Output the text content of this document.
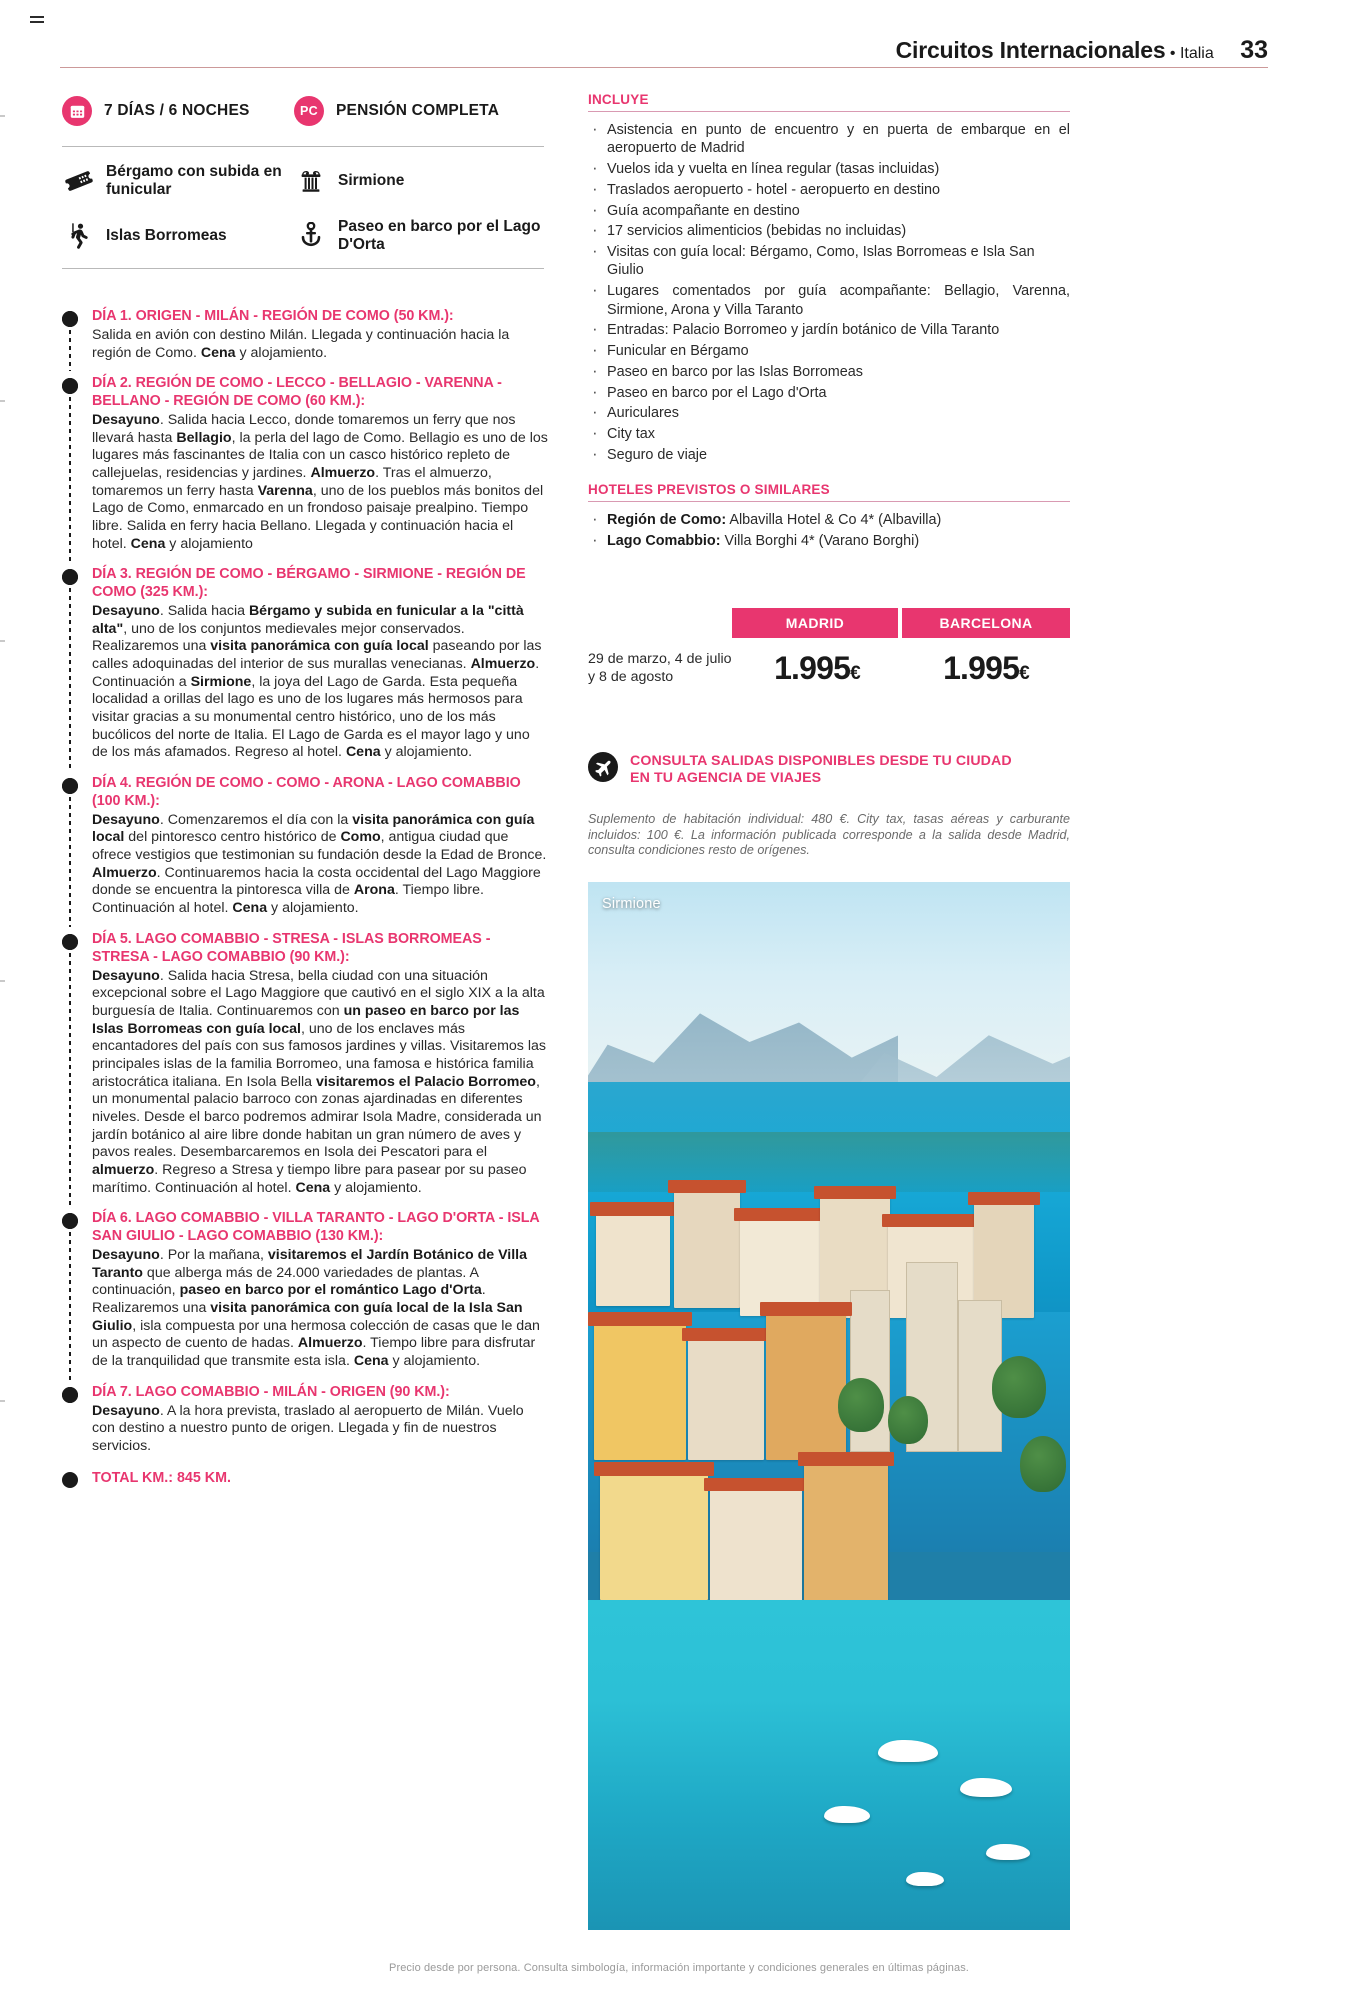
Circuitos Internacionales • Italia 33
7 DÍAS / 6 NOCHES	PC PENSIÓN COMPLETA
Bérgamo con subida en funicular
Sirmione
Islas Borromeas
Paseo en barco por el Lago D'Orta
DÍA 1. ORIGEN - MILÁN - REGIÓN DE COMO (50 KM.):
Salida en avión con destino Milán. Llegada y continuación hacia la región de Como. Cena y alojamiento.
DÍA 2. REGIÓN DE COMO - LECCO - BELLAGIO - VARENNA - BELLANO - REGIÓN DE COMO (60 KM.):
Desayuno. Salida hacia Lecco, donde tomaremos un ferry que nos llevará hasta Bellagio, la perla del lago de Como. Bellagio es uno de los lugares más fascinantes de Italia con un casco histórico repleto de callejuelas, residencias y jardines. Almuerzo. Tras el almuerzo, tomaremos un ferry hasta Varenna, uno de los pueblos más bonitos del Lago de Como, enmarcado en un frondoso paisaje prealpino. Tiempo libre. Salida en ferry hacia Bellano. Llegada y continuación hacia el hotel. Cena y alojamiento
DÍA 3. REGIÓN DE COMO - BÉRGAMO - SIRMIONE - REGIÓN DE COMO (325 KM.):
Desayuno. Salida hacia Bérgamo y subida en funicular a la "città alta", uno de los conjuntos medievales mejor conservados. Realizaremos una visita panorámica con guía local paseando por las calles adoquinadas del interior de sus murallas venecianas. Almuerzo. Continuación a Sirmione, la joya del Lago de Garda. Esta pequeña localidad a orillas del lago es uno de los lugares más hermosos para visitar gracias a su monumental centro histórico, uno de los más bucólicos del norte de Italia. El Lago de Garda es el mayor lago y uno de los más afamados. Regreso al hotel. Cena y alojamiento.
DÍA 4. REGIÓN DE COMO - COMO - ARONA - LAGO COMABBIO (100 KM.):
Desayuno. Comenzaremos el día con la visita panorámica con guía local del pintoresco centro histórico de Como, antigua ciudad que ofrece vestigios que testimonian su fundación desde la Edad de Bronce. Almuerzo. Continuaremos hacia la costa occidental del Lago Maggiore donde se encuentra la pintoresca villa de Arona. Tiempo libre. Continuación al hotel. Cena y alojamiento.
DÍA 5. LAGO COMABBIO - STRESA - ISLAS BORROMEAS - STRESA - LAGO COMABBIO (90 KM.):
Desayuno. Salida hacia Stresa, bella ciudad con una situación excepcional sobre el Lago Maggiore que cautivó en el siglo XIX a la alta burguesía de Italia. Continuaremos con un paseo en barco por las Islas Borromeas con guía local, uno de los enclaves más encantadores del país con sus famosos jardines y villas. Visitaremos las principales islas de la familia Borromeo, una famosa e histórica familia aristocrática italiana. En Isola Bella visitaremos el Palacio Borromeo, un monumental palacio barroco con zonas ajardinadas en diferentes niveles. Desde el barco podremos admirar Isola Madre, considerada un jardín botánico al aire libre donde habitan un gran número de aves y pavos reales. Desembarcaremos en Isola dei Pescatori para el almuerzo. Regreso a Stresa y tiempo libre para pasear por su paseo marítimo. Continuación al hotel. Cena y alojamiento.
DÍA 6. LAGO COMABBIO - VILLA TARANTO - LAGO D'ORTA - ISLA SAN GIULIO - LAGO COMABBIO (130 KM.):
Desayuno. Por la mañana, visitaremos el Jardín Botánico de Villa Taranto que alberga más de 24.000 variedades de plantas. A continuación, paseo en barco por el romántico Lago d'Orta. Realizaremos una visita panorámica con guía local de la Isla San Giulio, isla compuesta por una hermosa colección de casas que le dan un aspecto de cuento de hadas. Almuerzo. Tiempo libre para disfrutar de la tranquilidad que transmite esta isla. Cena y alojamiento.
DÍA 7. LAGO COMABBIO - MILÁN - ORIGEN (90 KM.):
Desayuno. A la hora prevista, traslado al aeropuerto de Milán. Vuelo con destino a nuestro punto de origen. Llegada y fin de nuestros servicios.
TOTAL KM.: 845 KM.
INCLUYE
· Asistencia en punto de encuentro y en puerta de embarque en el aeropuerto de Madrid
· Vuelos ida y vuelta en línea regular (tasas incluidas)
· Traslados aeropuerto - hotel - aeropuerto en destino
· Guía acompañante en destino
· 17 servicios alimenticios (bebidas no incluidas)
· Visitas con guía local: Bérgamo, Como, Islas Borromeas e Isla San Giulio
· Lugares comentados por guía acompañante: Bellagio, Varenna, Sirmione, Arona y Villa Taranto
· Entradas: Palacio Borromeo y jardín botánico de Villa Taranto
· Funicular en Bérgamo
· Paseo en barco por las Islas Borromeas
· Paseo en barco por el Lago d'Orta
· Auriculares
· City tax
· Seguro de viaje
HOTELES PREVISTOS O SIMILARES
· Región de Como: Albavilla Hotel & Co 4* (Albavilla)
· Lago Comabbio: Villa Borghi 4* (Varano Borghi)
MADRID	BARCELONA
29 de marzo, 4 de julio y 8 de agosto	1.995€	1.995€
CONSULTA SALIDAS DISPONIBLES DESDE TU CIUDAD
EN TU AGENCIA DE VIAJES
Suplemento de habitación individual: 480 €. City tax, tasas aéreas y carburante incluidos: 100 €. La información publicada corresponde a la salida desde Madrid, consulta condiciones resto de orígenes.
Sirmione
Precio desde por persona. Consulta simbología, información importante y condiciones generales en últimas páginas.
